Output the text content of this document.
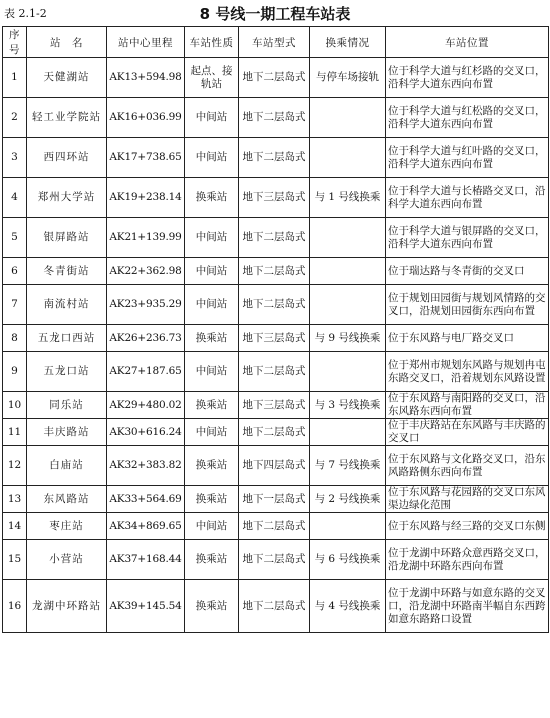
表 2.1-2	8 号线一期工程车站表
序号	站　名	站中心里程	车站性质	车站型式	换乘情况	车站位置
1	天健湖站	AK13+594.98	起点、接轨站	地下二层岛式	与停车场接轨	位于科学大道与红杉路的交叉口，沿科学大道东西向布置
2	轻工业学院站	AK16+036.99	中间站	地下二层岛式		位于科学大道与红松路的交叉口，沿科学大道东西向布置
3	西四环站	AK17+738.65	中间站	地下二层岛式		位于科学大道与红叶路的交叉口，沿科学大道东西向布置
4	郑州大学站	AK19+238.14	换乘站	地下三层岛式	与 1 号线换乘	位于科学大道与长椿路交叉口，沿科学大道东西向布置
5	银屏路站	AK21+139.99	中间站	地下二层岛式		位于科学大道与银屏路的交叉口，沿科学大道东西向布置
6	冬青街站	AK22+362.98	中间站	地下二层岛式		位于瑞达路与冬青街的交叉口
7	南流村站	AK23+935.29	中间站	地下二层岛式		位于规划田园街与规划风情路的交叉口，沿规划田园街东西向布置
8	五龙口西站	AK26+236.73	换乘站	地下三层岛式	与 9 号线换乘	位于东风路与电厂路交叉口
9	五龙口站	AK27+187.65	中间站	地下二层岛式		位于郑州市规划东风路与规划冉屯东路交叉口，沿着规划东风路设置
10	同乐站	AK29+480.02	换乘站	地下三层岛式	与 3 号线换乘	位于东风路与南阳路的交叉口，沿东风路东西向布置
11	丰庆路站	AK30+616.24	中间站	地下二层岛式		位于丰庆路站在东风路与丰庆路的交叉口
12	白庙站	AK32+383.82	换乘站	地下四层岛式	与 7 号线换乘	位于东风路与文化路交叉口，沿东风路路侧东西向布置
13	东风路站	AK33+564.69	换乘站	地下一层岛式	与 2 号线换乘	位于东风路与花园路的交叉口东风渠边绿化范围
14	枣庄站	AK34+869.65	中间站	地下二层岛式		位于东风路与经三路的交叉口东侧
15	小营站	AK37+168.44	换乘站	地下二层岛式	与 6 号线换乘	位于龙湖中环路众意西路交叉口，沿龙湖中环路东西向布置
16	龙湖中环路站	AK39+145.54	换乘站	地下二层岛式	与 4 号线换乘	位于龙湖中环路与如意东路的交叉口，沿龙湖中环路南半幅自东西跨如意东路路口设置
